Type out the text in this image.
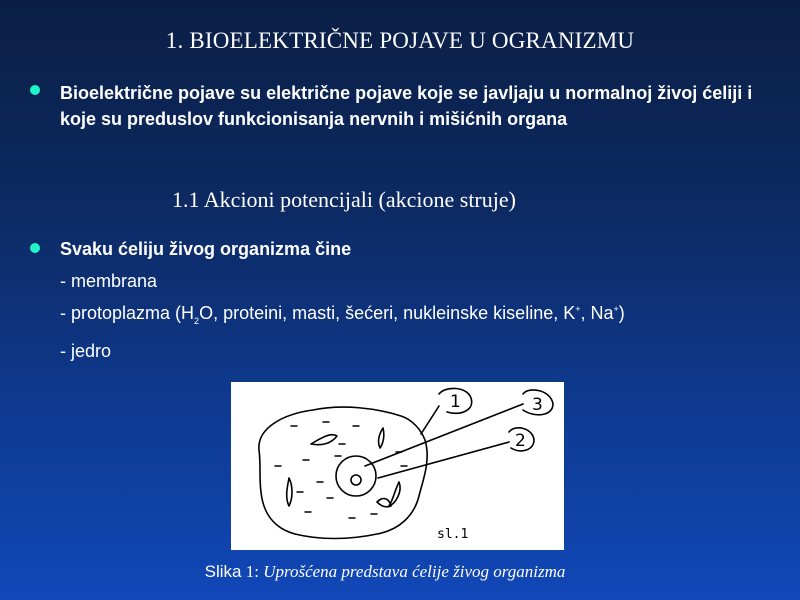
1. BIOELEKTRIČNE POJAVE U OGRANIZMU
Bioelektrične pojave su električne pojave koje se javljaju u normalnoj živoj ćeliji i koje su preduslov funkcionisanja nervnih i mišićnih organa
1.1 Akcioni potencijali (akcione struje)
Svaku ćeliju živog organizma čine
- membrana
- protoplazma ($H_2O$, proteini, masti, šećeri, nukleinske kiseline, K+, Na+)
- jedro
1	3
2
sl.1
Slika 1: Uprošćena predstava ćelije živog organizma
